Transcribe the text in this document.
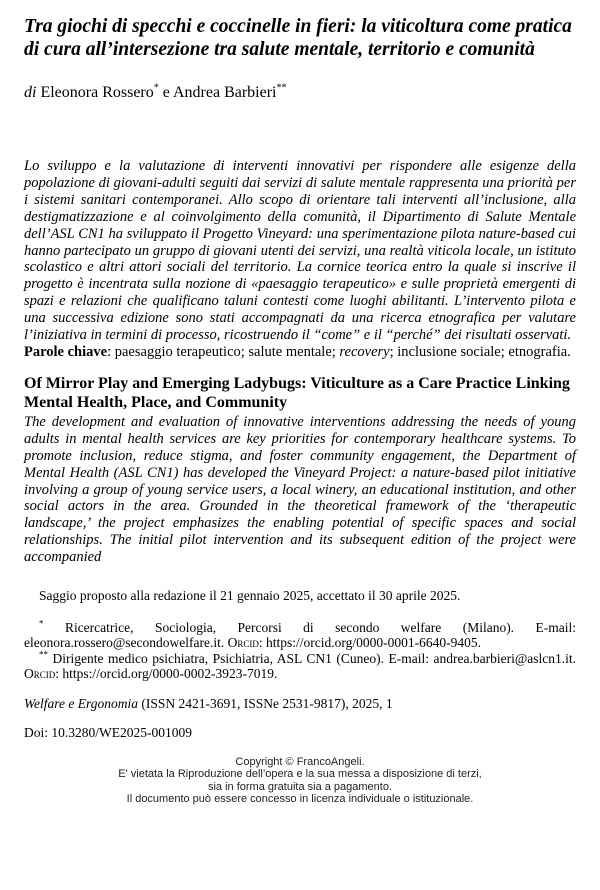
Tra giochi di specchi e coccinelle in fieri: la viticoltura come pratica di cura all’intersezione tra salute mentale, territorio e comunità

di Eleonora Rossero* e Andrea Barbieri**

Lo sviluppo e la valutazione di interventi innovativi per rispondere alle esigenze della popolazione di giovani-adulti seguiti dai servizi di salute mentale rappresenta una priorità per i sistemi sanitari contemporanei. Allo scopo di orientare tali interventi all’inclusione, alla destigmatizzazione e al coinvolgimento della comunità, il Dipartimento di Salute Mentale dell’ASL CN1 ha sviluppato il Progetto Vineyard: una sperimentazione pilota nature-based cui hanno partecipato un gruppo di giovani utenti dei servizi, una realtà viticola locale, un istituto scolastico e altri attori sociali del territorio. La cornice teorica entro la quale si inscrive il progetto è incentrata sulla nozione di «paesaggio terapeutico» e sulle proprietà emergenti di spazi e relazioni che qualificano taluni contesti come luoghi abilitanti. L’intervento pilota e una successiva edizione sono stati accompagnati da una ricerca etnografica per valutare l’iniziativa in termini di processo, ricostruendo il “come” e il “perché” dei risultati osservati.

Parole chiave: paesaggio terapeutico; salute mentale; recovery; inclusione sociale; etnografia.

Of Mirror Play and Emerging Ladybugs: Viticulture as a Care Practice Linking Mental Health, Place, and Community

The development and evaluation of innovative interventions addressing the needs of young adults in mental health services are key priorities for contemporary healthcare systems. To promote inclusion, reduce stigma, and foster community engagement, the Department of Mental Health (ASL CN1) has developed the Vineyard Project: a nature-based pilot initiative involving a group of young service users, a local winery, an educational institution, and other social actors in the area. Grounded in the theoretical framework of the ‘therapeutic landscape,’ the project emphasizes the enabling potential of specific spaces and social relationships. The initial pilot intervention and its subsequent edition of the project were accompanied

Saggio proposto alla redazione il 21 gennaio 2025, accettato il 30 aprile 2025.

* Ricercatrice, Sociologia, Percorsi di secondo welfare (Milano). E-mail: eleonora.rossero@secondowelfare.it. Orcid: https://orcid.org/0000-0001-6640-9405.

** Dirigente medico psichiatra, Psichiatria, ASL CN1 (Cuneo). E-mail: andrea.barbieri@aslcn1.it. Orcid: https://orcid.org/0000-0002-3923-7019.

Welfare e Ergonomia (ISSN 2421-3691, ISSNe 2531-9817), 2025, 1

Doi: 10.3280/WE2025-001009

Copyright © FrancoAngeli.
E' vietata la Riproduzione dell’opera e la sua messa a disposizione di terzi,
sia in forma gratuita sia a pagamento.
Il documento può essere concesso in licenza individuale o istituzionale.
